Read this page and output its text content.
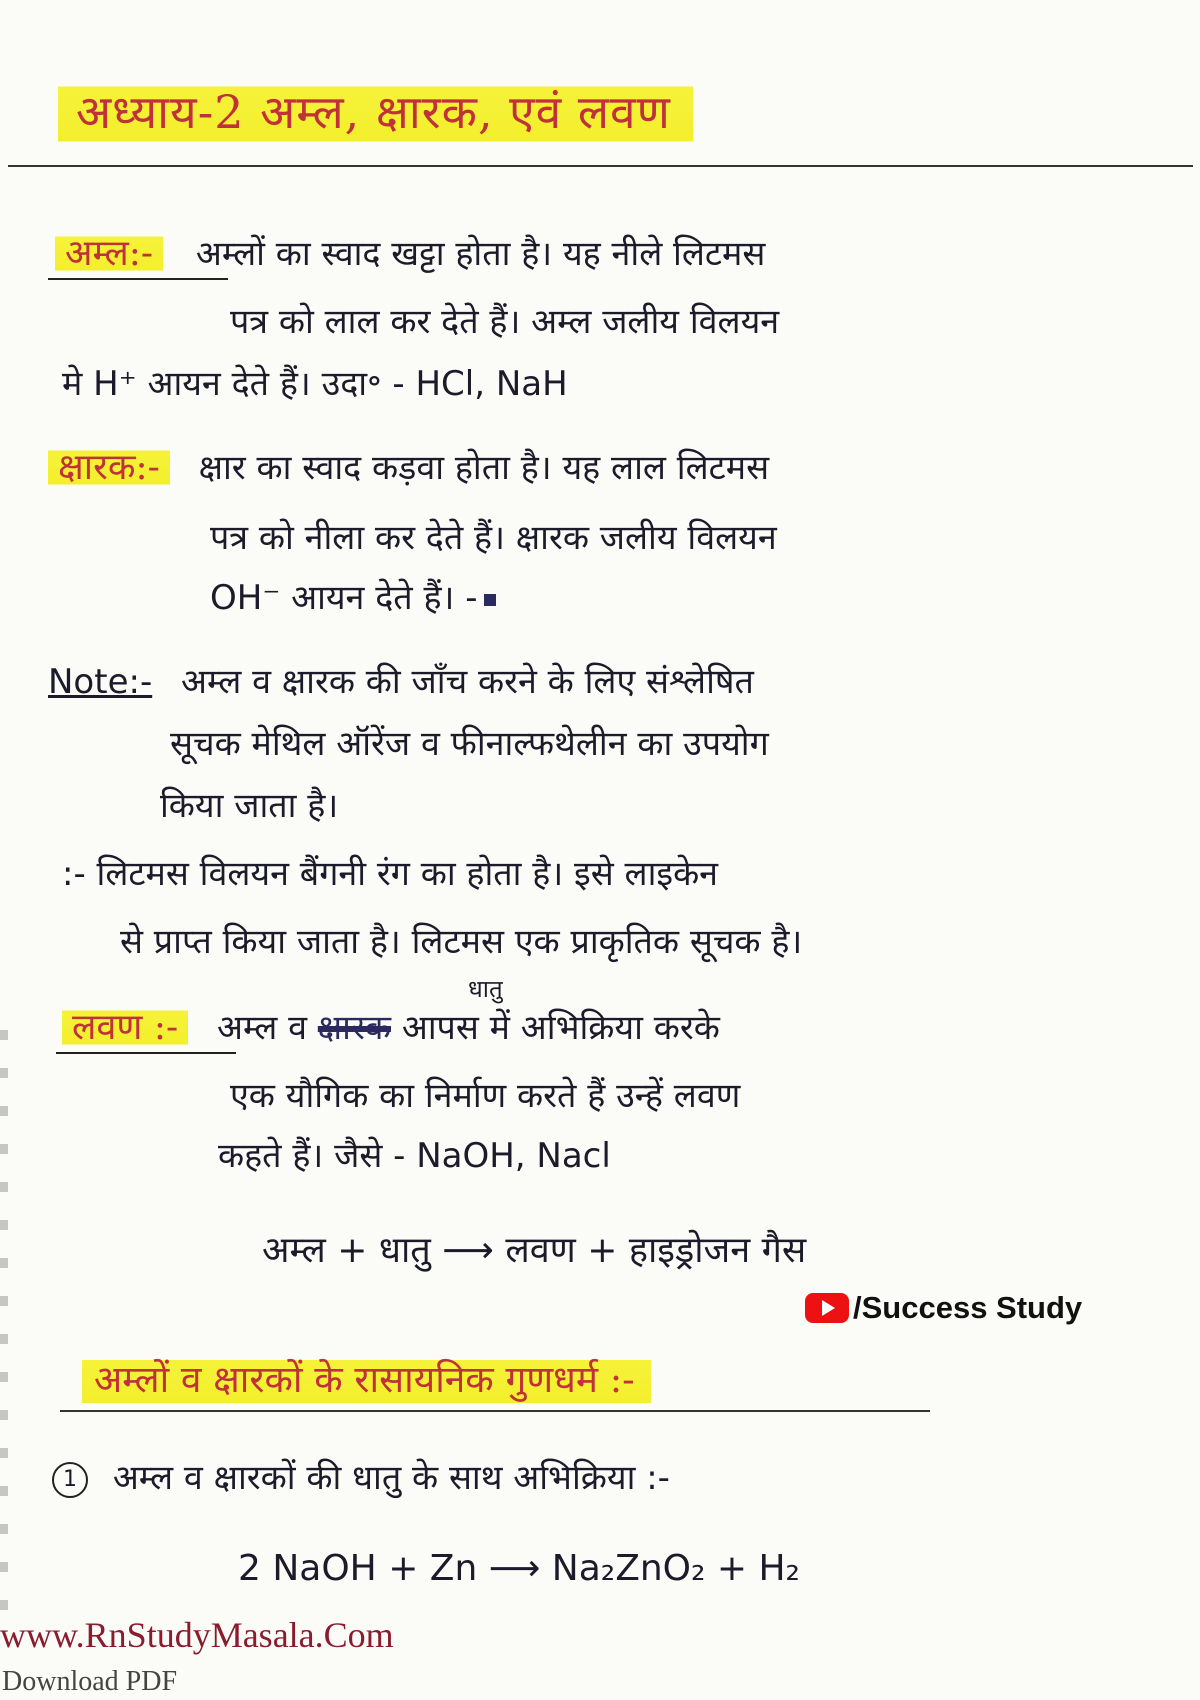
अध्याय-2 अम्ल, क्षारक, एवं लवण
अम्ल:- अम्लों का स्वाद खट्टा होता है। यह नीले लिटमस
पत्र को लाल कर देते हैं। अम्ल जलीय विलयन
मे H⁺ आयन देते हैं। उदा॰ - HCl, NaH
क्षारक:- क्षार का स्वाद कड़वा होता है। यह लाल लिटमस
पत्र को नीला कर देते हैं। क्षारक जलीय विलयन
OH⁻ आयन देते हैं। -
Note:- अम्ल व क्षारक की जाँच करने के लिए संश्लेषित
सूचक मेथिल ऑरेंज व फीनाल्फथेलीन का उपयोग
किया जाता है।
:- लिटमस विलयन बैंगनी रंग का होता है। इसे लाइकेन
से प्राप्त किया जाता है। लिटमस एक प्राकृतिक सूचक है।
धातु
लवण :- अम्ल व क्षारक आपस में अभिक्रिया करके
एक यौगिक का निर्माण करते हैं उन्हें लवण
कहते हैं। जैसे - NaOH, Nacl
अम्ल + धातु ⟶ लवण + हाइड्रोजन गैस
/Success Study
अम्लों व क्षारकों के रासायनिक गुणधर्म :-
1 अम्ल व क्षारकों की धातु के साथ अभिक्रिया :-
2 NaOH + Zn ⟶ Na₂ZnO₂ + H₂
www.RnStudyMasala.Com
Download PDF
